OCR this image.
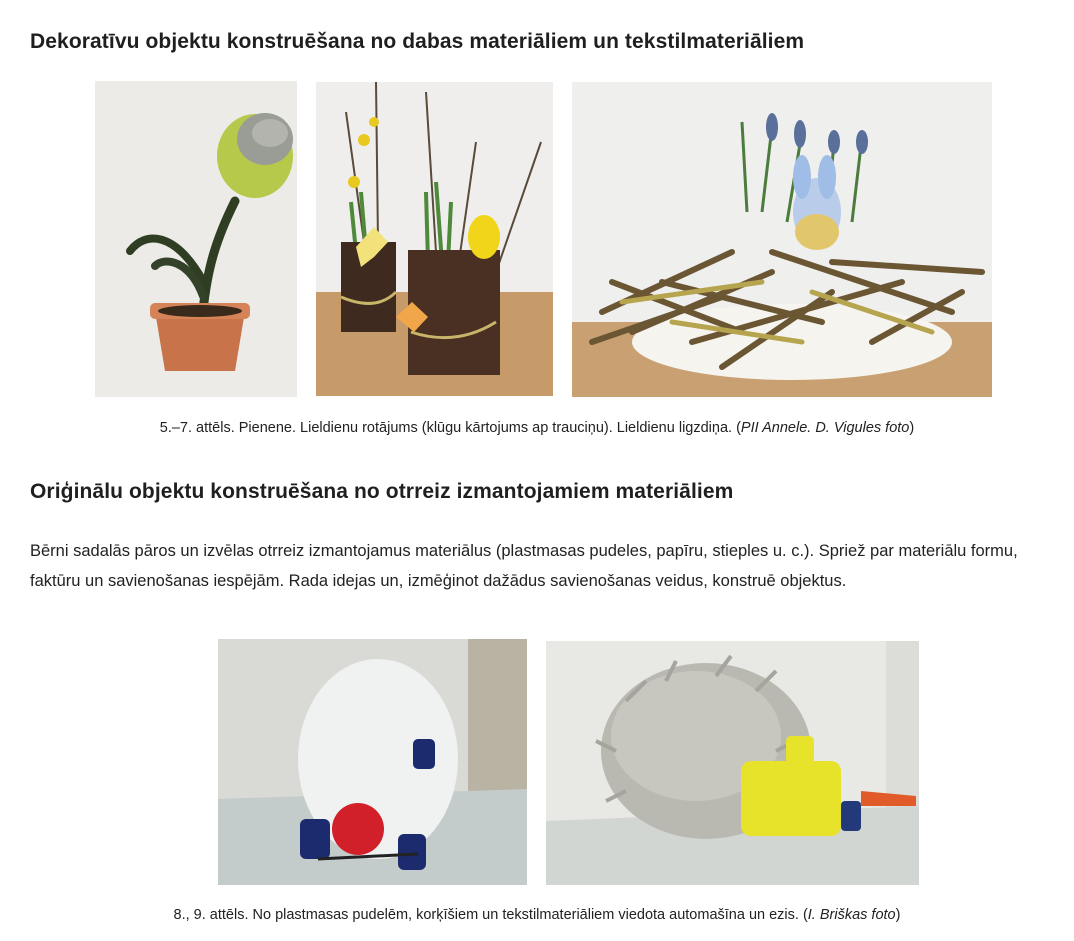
Dekoratīvu objektu konstruēšana no dabas materiāliem un tekstilmateriāliem

5.–7. attēls. Pienene. Lieldienu rotājums (klūgu kārtojums ap trauciņu). Lieldienu ligzdiņa. (PII Annele. D. Vigules foto)

Oriģinālu objektu konstruēšana no otrreiz izmantojamiem materiāliem

Bērni sadalās pāros un izvēlas otrreiz izmantojamus materiālus (plastmasas pudeles, papīru, stieples u. c.). Spriež par materiālu formu, faktūru un savienošanas iespējām. Rada idejas un, izmēģinot dažādus savienošanas veidus, konstruē objektus.

8., 9. attēls. No plastmasas pudelēm, korķīšiem un tekstilmateriāliem viedota automašīna un ezis. (I. Briškas foto)
